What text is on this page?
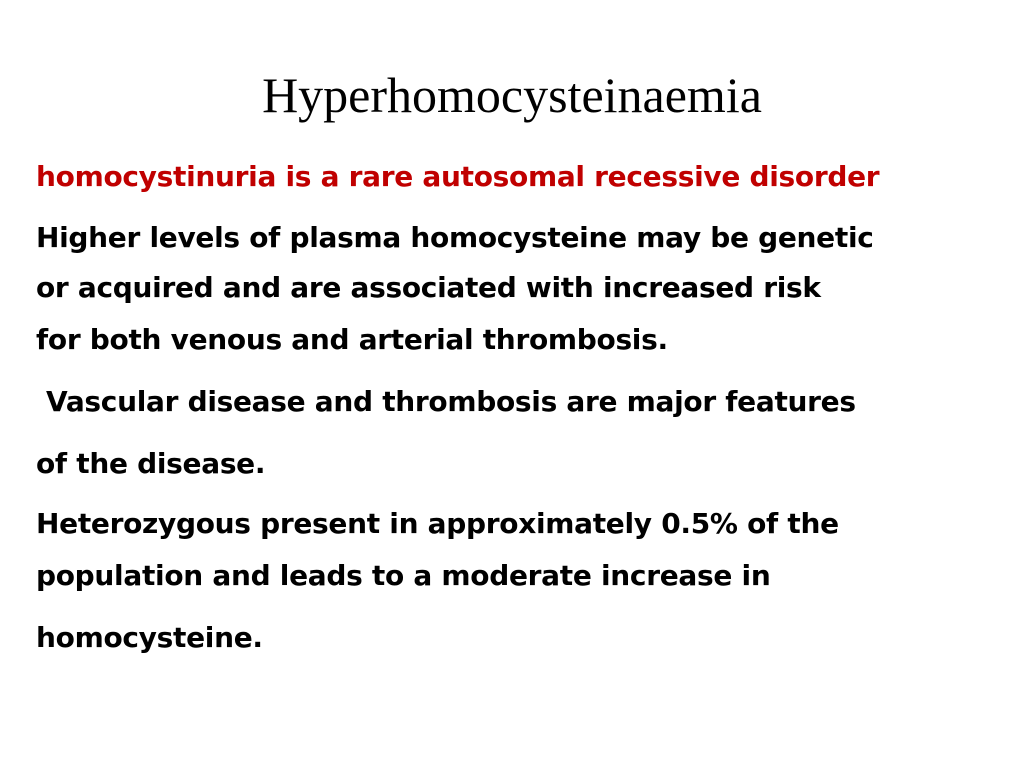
Hyperhomocysteinaemia
homocystinuria is a rare autosomal recessive disorder
Higher levels of plasma homocysteine may be genetic
or acquired and are associated with increased risk
for both venous and arterial thrombosis.
Vascular disease and thrombosis are major features
of the disease.
Heterozygous present in approximately 0.5% of the
population and leads to a moderate increase in
homocysteine.
